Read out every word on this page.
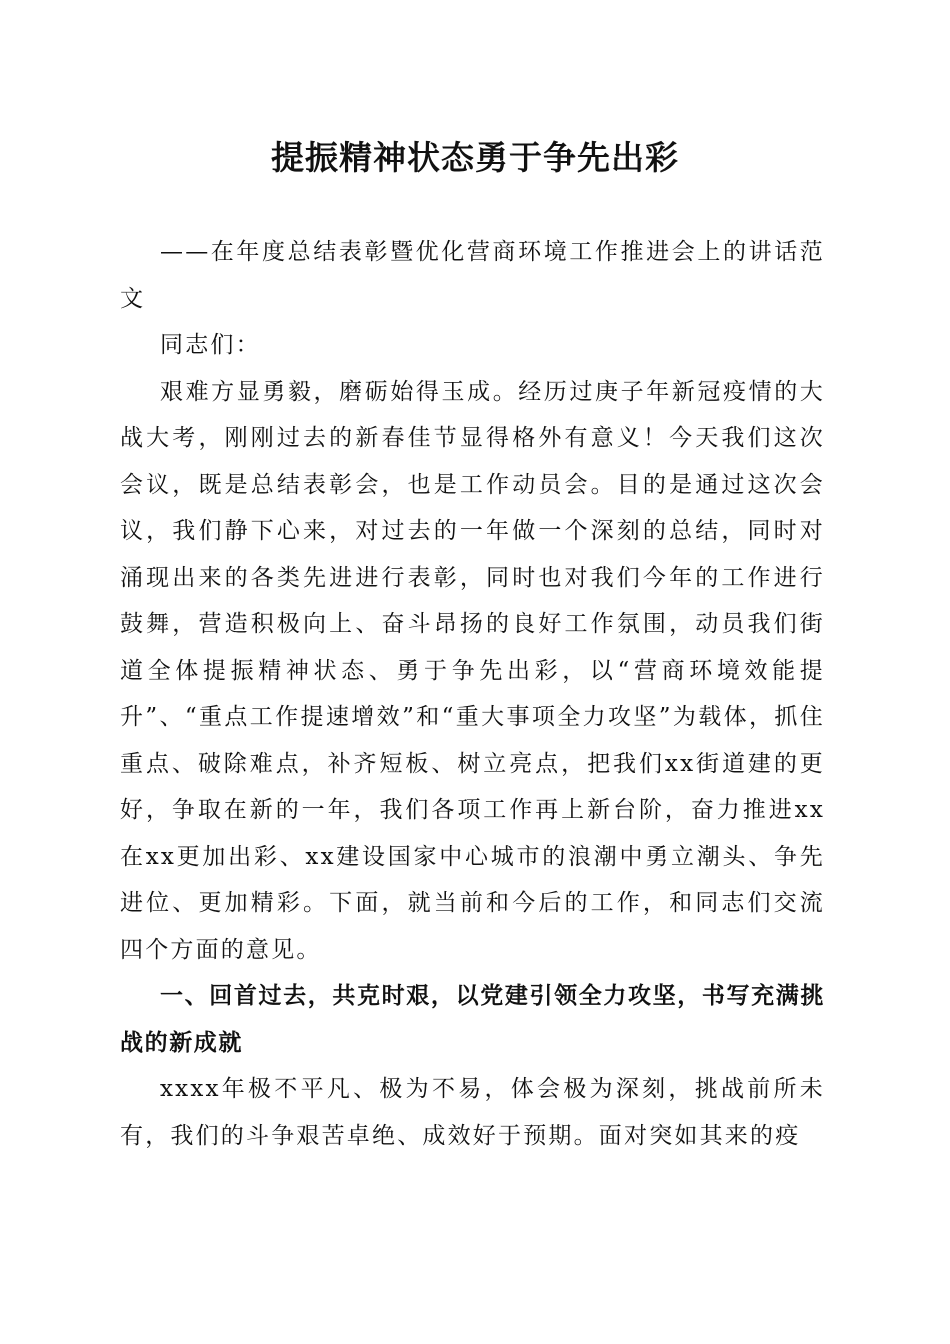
提振精神状态勇于争先出彩

——在年度总结表彰暨优化营商环境工作推进会上的讲话范文

同志们：

艰难方显勇毅，磨砺始得玉成。经历过庚子年新冠疫情的大战大考，刚刚过去的新春佳节显得格外有意义！今天我们这次会议，既是总结表彰会，也是工作动员会。目的是通过这次会议，我们静下心来，对过去的一年做一个深刻的总结，同时对涌现出来的各类先进进行表彰，同时也对我们今年的工作进行鼓舞，营造积极向上、奋斗昂扬的良好工作氛围，动员我们街道全体提振精神状态、勇于争先出彩，以“营商环境效能提升”、“重点工作提速增效”和“重大事项全力攻坚”为载体，抓住重点、破除难点，补齐短板、树立亮点，把我们xx街道建的更好，争取在新的一年，我们各项工作再上新台阶，奋力推进xx在xx更加出彩、xx建设国家中心城市的浪潮中勇立潮头、争先进位、更加精彩。下面，就当前和今后的工作，和同志们交流四个方面的意见。

一、回首过去，共克时艰，以党建引领全力攻坚，书写充满挑战的新成就

xxxx年极不平凡、极为不易，体会极为深刻，挑战前所未有，我们的斗争艰苦卓绝、成效好于预期。面对突如其来的疫
